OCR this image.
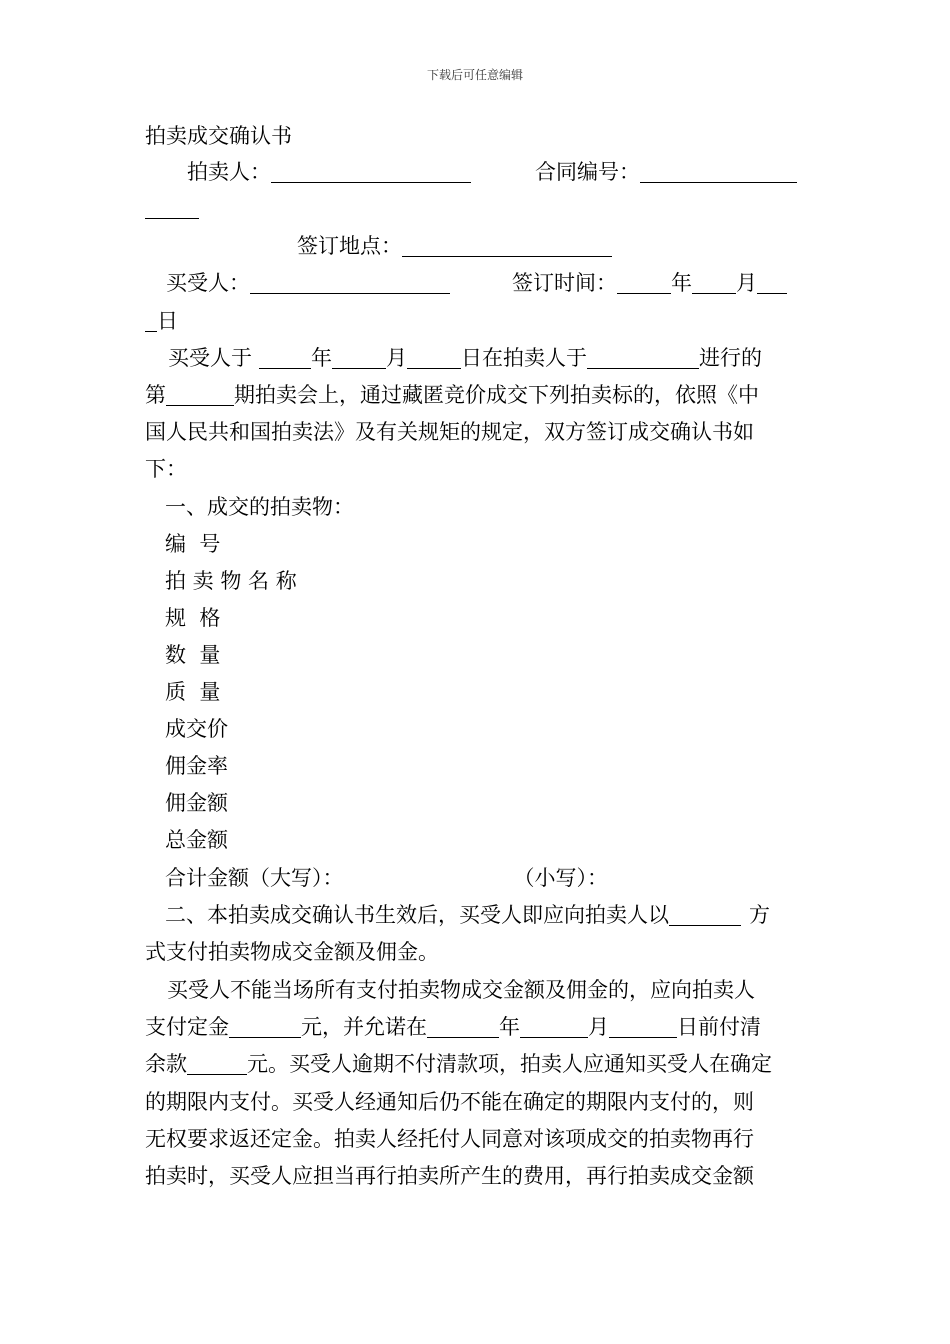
下载后可任意编辑
拍卖成交确认书
拍卖人：	合同编号：
签订地点：
买受人：	签订时间：	年 月
日
买受人于	年	月	日在拍卖人于	进行的
第	期拍卖会上，通过藏匿竞价成交下列拍卖标的，依照《中
国人民共和国拍卖法》及有关规矩的规定，双方签订成交确认书如
下：
一、成交的拍卖物：
编  号
拍 卖 物 名 称
规  格
数  量
质  量
成交价
佣金率
佣金额
总金额
合计金额（大写）：	（小写）：
二、本拍卖成交确认书生效后，买受人即应向拍卖人以	方
式支付拍卖物成交金额及佣金。
买受人不能当场所有支付拍卖物成交金额及佣金的，应向拍卖人
支付定金	元，并允诺在	年	月	日前付清
余款	元。买受人逾期不付清款项，拍卖人应通知买受人在确定
的期限内支付。买受人经通知后仍不能在确定的期限内支付的，则
无权要求返还定金。拍卖人经托付人同意对该项成交的拍卖物再行
拍卖时，买受人应担当再行拍卖所产生的费用，再行拍卖成交金额
